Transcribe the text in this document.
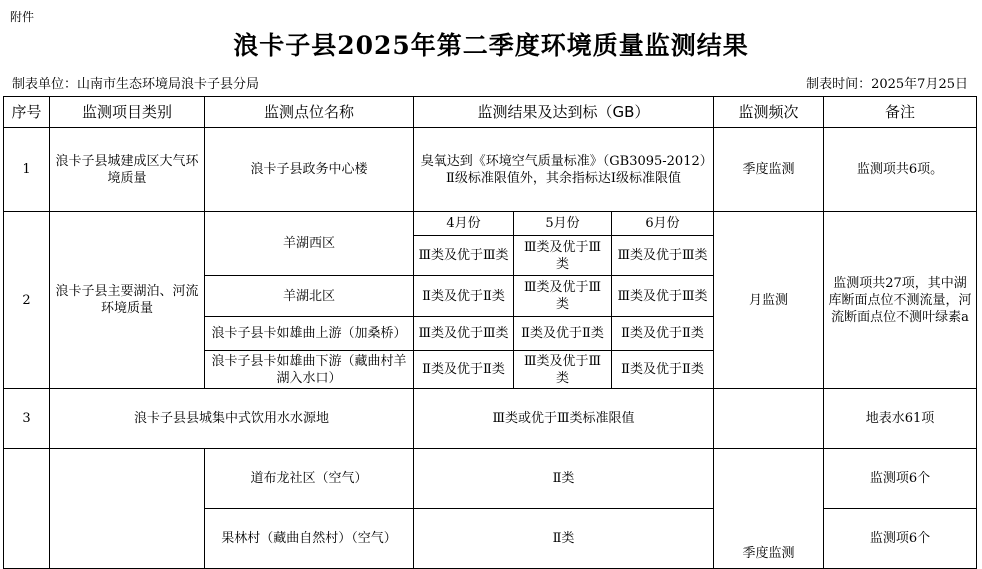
附件
浪卡子县2025年第二季度环境质量监测结果
制表单位：山南市生态环境局浪卡子县分局	制表时间：2025年7月25日
序号	监测项目类别	监测点位名称	监测结果及达到标（GB）			监测频次	备注
1	浪卡子县城建成区大气环境质量	浪卡子县政务中心楼	臭氧达到《环境空气质量标准》（GB3095-2012）Ⅱ级标准限值外，其余指标达Ⅰ级标准限值			季度监测	监测项共6项。
2	浪卡子县主要湖泊、河流环境质量	羊湖西区	4月份	5月份	6月份	月监测	监测项共27项，其中湖库断面点位不测流量，河流断面点位不测叶绿素a
			Ⅲ类及优于Ⅲ类	Ⅲ类及优于Ⅲ类	Ⅲ类及优于Ⅲ类		

		羊湖北区	Ⅱ类及优于Ⅱ类	Ⅲ类及优于Ⅲ类	Ⅲ类及优于Ⅲ类		

		浪卡子县卡如雄曲上游（加桑桥）	Ⅲ类及优于Ⅲ类	Ⅱ类及优于Ⅱ类	Ⅱ类及优于Ⅱ类		

		浪卡子县卡如雄曲下游（藏曲村羊湖入水口）	Ⅱ类及优于Ⅱ类	Ⅲ类及优于Ⅲ类	Ⅱ类及优于Ⅱ类		

3	浪卡子县县城集中式饮用水水源地		Ⅲ类或优于Ⅲ类标准限值				地表水61项
		道布龙社区（空气）	Ⅱ类			季度监测	监测项6个
		果林村（藏曲自然村）（空气）	Ⅱ类				监测项6个
